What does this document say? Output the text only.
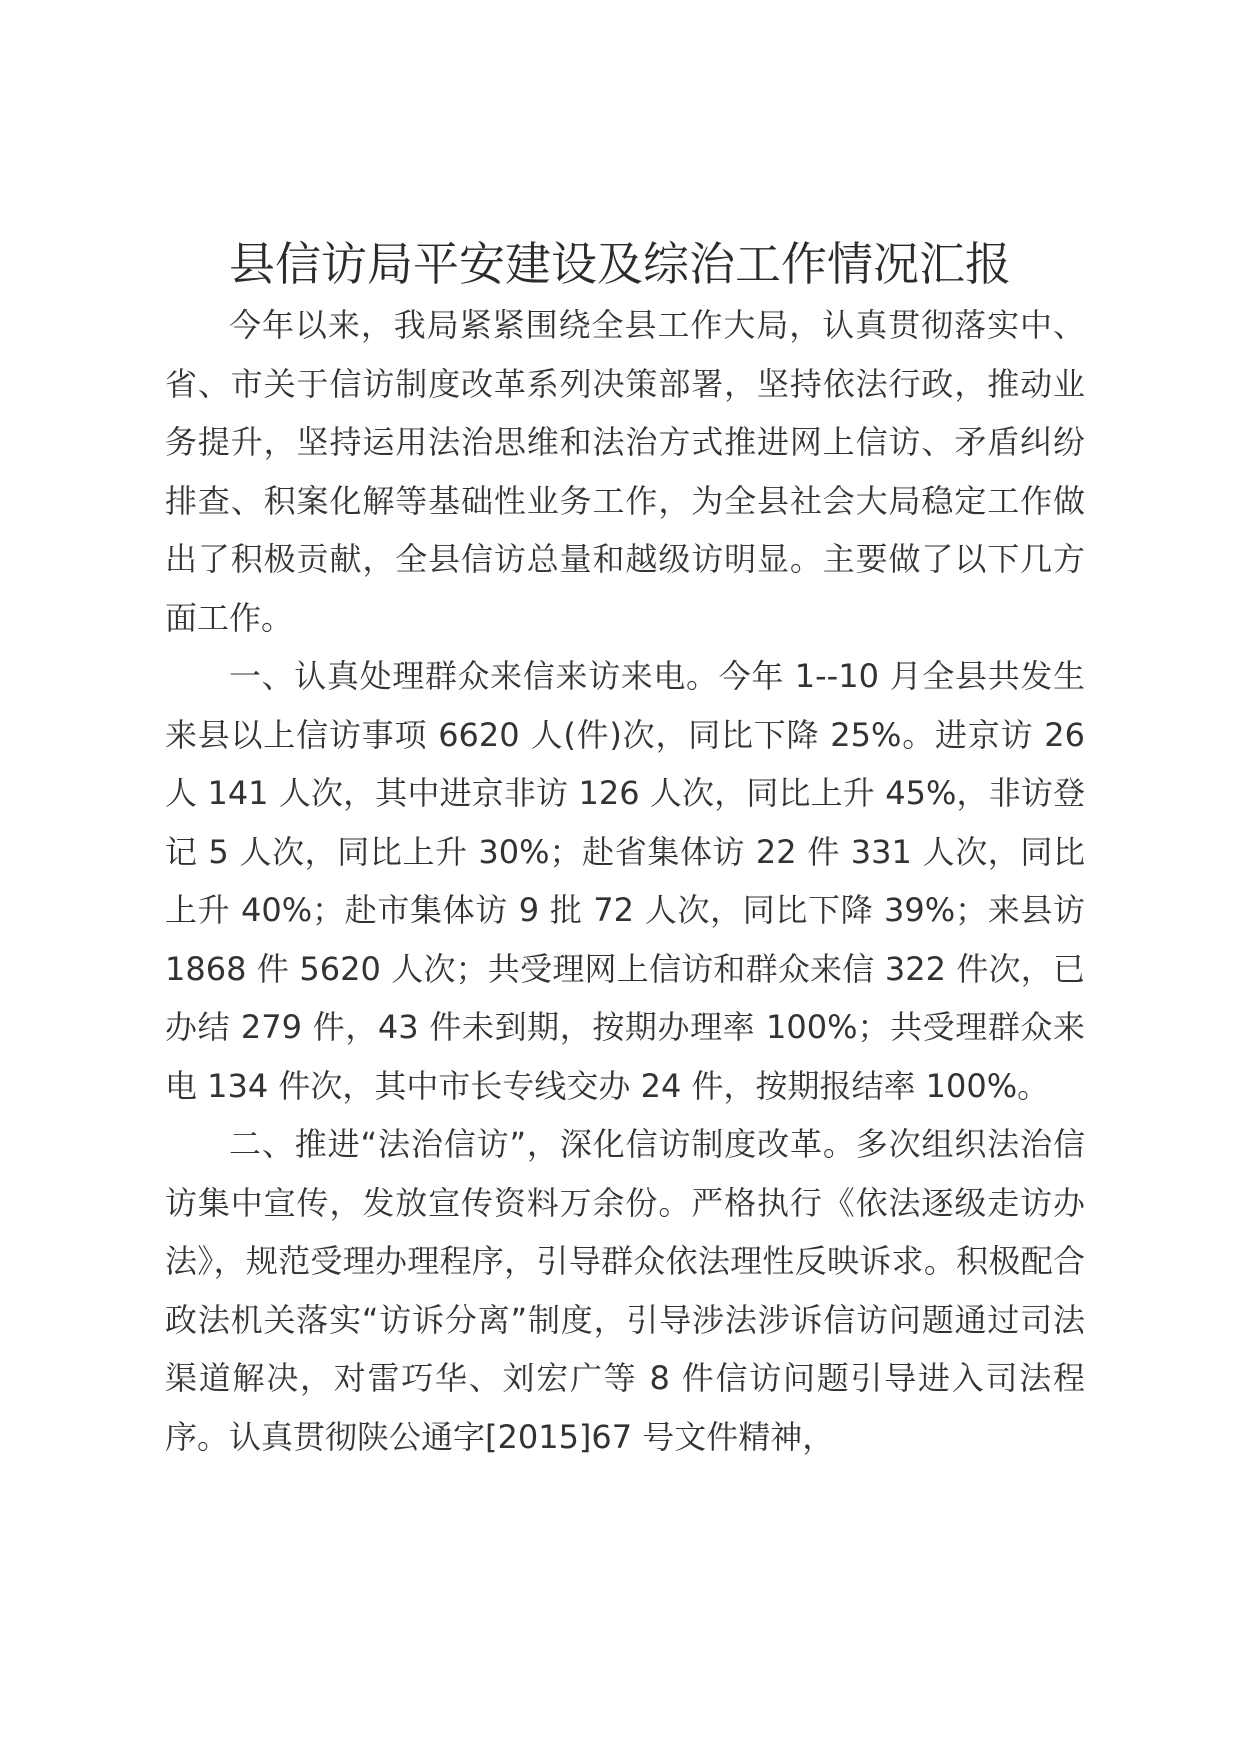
县信访局平安建设及综治工作情况汇报

今年以来，我局紧紧围绕全县工作大局，认真贯彻落实中、省、市关于信访制度改革系列决策部署，坚持依法行政，推动业务提升，坚持运用法治思维和法治方式推进网上信访、矛盾纠纷排查、积案化解等基础性业务工作，为全县社会大局稳定工作做出了积极贡献，全县信访总量和越级访明显。主要做了以下几方面工作。

一、认真处理群众来信来访来电。今年 1--10 月全县共发生来县以上信访事项 6620 人(件)次，同比下降 25%。进京访 26 人 141 人次，其中进京非访 126 人次，同比上升 45%，非访登记 5 人次，同比上升 30%；赴省集体访 22 件 331 人次，同比上升 40%；赴市集体访 9 批 72 人次，同比下降 39%；来县访 1868 件 5620 人次；共受理网上信访和群众来信 322 件次，已办结 279 件，43 件未到期，按期办理率 100%；共受理群众来电 134 件次，其中市长专线交办 24 件，按期报结率 100%。

二、推进“法治信访”，深化信访制度改革。多次组织法治信访集中宣传，发放宣传资料万余份。严格执行《依法逐级走访办法》，规范受理办理程序，引导群众依法理性反映诉求。积极配合政法机关落实“访诉分离”制度，引导涉法涉诉信访问题通过司法渠道解决，对雷巧华、刘宏广等 8 件信访问题引导进入司法程序。认真贯彻陕公通字[2015]67 号文件精神，
